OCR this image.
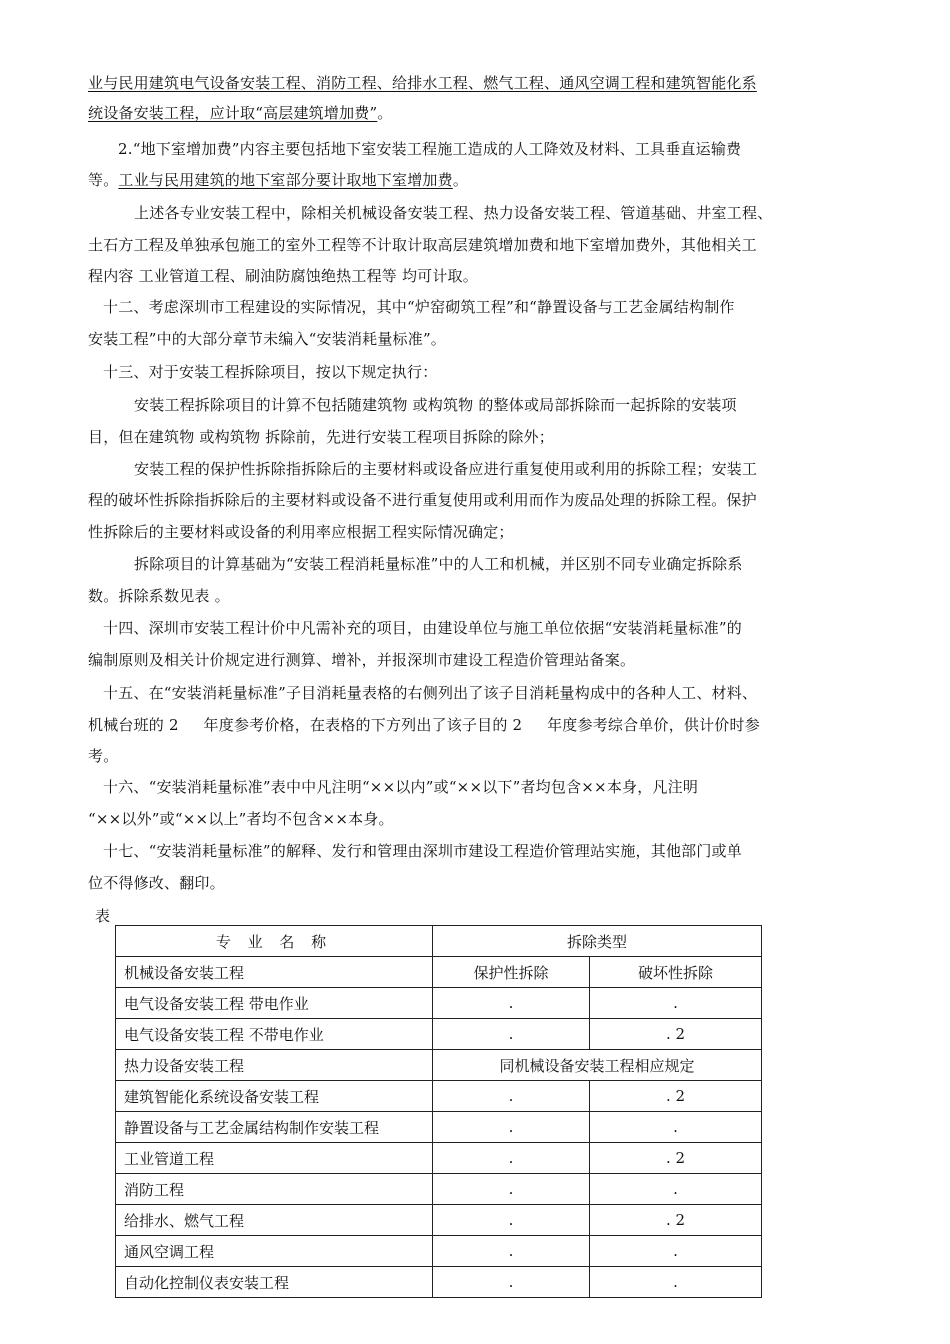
业与民用建筑电气设备安装工程、消防工程、给排水工程、燃气工程、通风空调工程和建筑智能化系
统设备安装工程，应计取“高层建筑增加费”。
2.“地下室增加费”内容主要包括地下室安装工程施工造成的人工降效及材料、工具垂直运输费
等。工业与民用建筑的地下室部分要计取地下室增加费。
上述各专业安装工程中，除相关机械设备安装工程、热力设备安装工程、管道基础、井室工程、
土石方工程及单独承包施工的室外工程等不计取计取高层建筑增加费和地下室增加费外，其他相关工
程内容 工业管道工程、刷油防腐蚀绝热工程等 均可计取。
十二、考虑深圳市工程建设的实际情况，其中“炉窑砌筑工程”和“静置设备与工艺金属结构制作
安装工程”中的大部分章节未编入“安装消耗量标准”。
十三、对于安装工程拆除项目，按以下规定执行：
安装工程拆除项目的计算不包括随建筑物 或构筑物 的整体或局部拆除而一起拆除的安装项
目，但在建筑物 或构筑物 拆除前，先进行安装工程项目拆除的除外；
安装工程的保护性拆除指拆除后的主要材料或设备应进行重复使用或利用的拆除工程；安装工
程的破坏性拆除指拆除后的主要材料或设备不进行重复使用或利用而作为废品处理的拆除工程。保护
性拆除后的主要材料或设备的利用率应根据工程实际情况确定；
拆除项目的计算基础为“安装工程消耗量标准”中的人工和机械，并区别不同专业确定拆除系
数。拆除系数见表 。
十四、深圳市安装工程计价中凡需补充的项目，由建设单位与施工单位依据“安装消耗量标准”的
编制原则及相关计价规定进行测算、增补，并报深圳市建设工程造价管理站备案。
十五、在“安装消耗量标准”子目消耗量表格的右侧列出了该子目消耗量构成中的各种人工、材料、
机械台班的 2     年度参考价格，在表格的下方列出了该子目的 2     年度参考综合单价，供计价时参
考。
十六、“安装消耗量标准”表中中凡注明“××以内”或“××以下”者均包含××本身，凡注明
“××以外”或“××以上”者均不包含××本身。
十七、“安装消耗量标准”的解释、发行和管理由深圳市建设工程造价管理站实施，其他部门或单
位不得修改、翻印。
表
专 业 名 称	拆除类型	
机械设备安装工程	保护性拆除	破坏性拆除
电气设备安装工程 带电作业	.	.
电气设备安装工程 不带电作业	.	. 2
热力设备安装工程	同机械设备安装工程相应规定	
建筑智能化系统设备安装工程	.	. 2
静置设备与工艺金属结构制作安装工程	.	.
工业管道工程	.	. 2
消防工程	.	.
给排水、燃气工程	.	. 2
通风空调工程	.	.
自动化控制仪表安装工程	.	.
